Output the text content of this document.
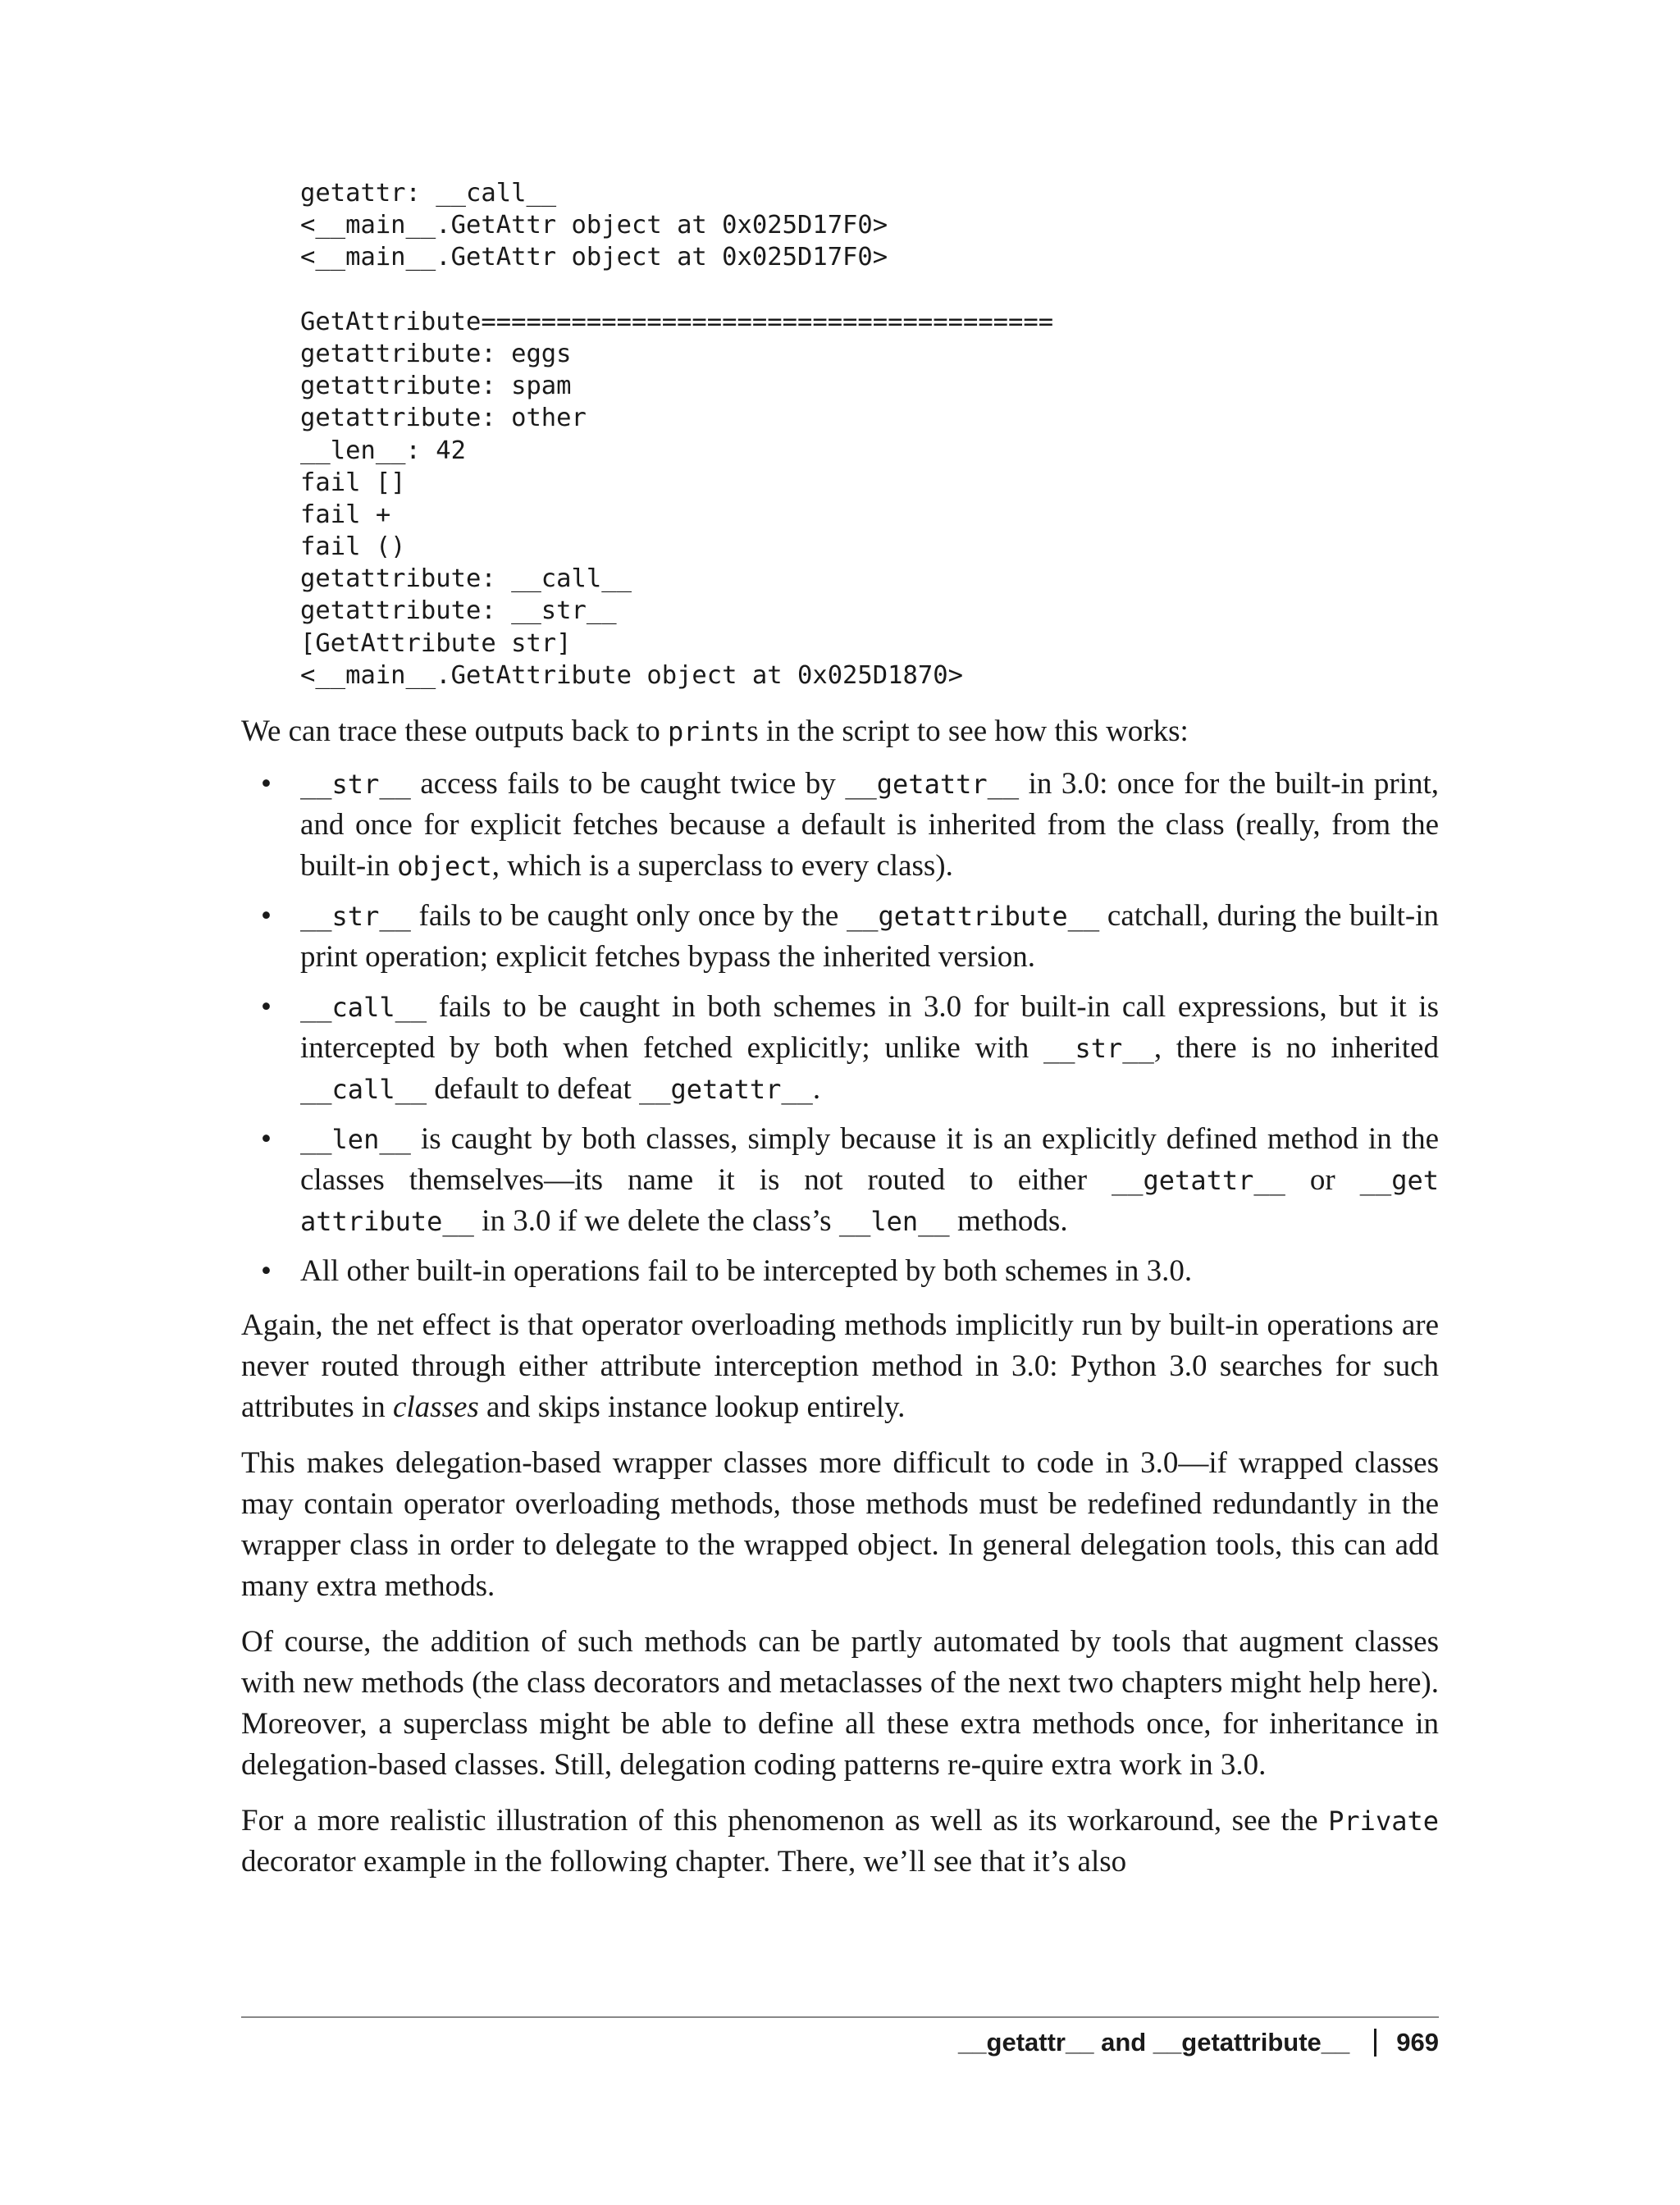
getattr: __call__
<__main__.GetAttr object at 0x025D17F0>
<__main__.GetAttr object at 0x025D17F0>
GetAttribute======================================
getattribute: eggs
getattribute: spam
getattribute: other
__len__: 42
fail []
fail +
fail ()
getattribute: __call__
getattribute: __str__
[GetAttribute str]
<__main__.GetAttribute object at 0x025D1870>

We can trace these outputs back to prints in the script to see how this works:

• __str__ access fails to be caught twice by __getattr__ in 3.0: once for the built-in print, and once for explicit fetches because a default is inherited from the class (really, from the built-in object, which is a superclass to every class).
• __str__ fails to be caught only once by the __getattribute__ catchall, during the built-in print operation; explicit fetches bypass the inherited version.
• __call__ fails to be caught in both schemes in 3.0 for built-in call expressions, but it is intercepted by both when fetched explicitly; unlike with __str__, there is no inherited __call__ default to defeat __getattr__.
• __len__ is caught by both classes, simply because it is an explicitly defined method in the classes themselves—its name it is not routed to either __getattr__ or __get attribute__ in 3.0 if we delete the class’s __len__ methods.
• All other built-in operations fail to be intercepted by both schemes in 3.0.

Again, the net effect is that operator overloading methods implicitly run by built-in operations are never routed through either attribute interception method in 3.0: Python 3.0 searches for such attributes in classes and skips instance lookup entirely.

This makes delegation-based wrapper classes more difficult to code in 3.0—if wrapped classes may contain operator overloading methods, those methods must be redefined redundantly in the wrapper class in order to delegate to the wrapped object. In general delegation tools, this can add many extra methods.

Of course, the addition of such methods can be partly automated by tools that augment classes with new methods (the class decorators and metaclasses of the next two chapters might help here). Moreover, a superclass might be able to define all these extra methods once, for inheritance in delegation-based classes. Still, delegation coding patterns re-quire extra work in 3.0.

For a more realistic illustration of this phenomenon as well as its workaround, see the Private decorator example in the following chapter. There, we’ll see that it’s also

__getattr__ and __getattribute__ 969
